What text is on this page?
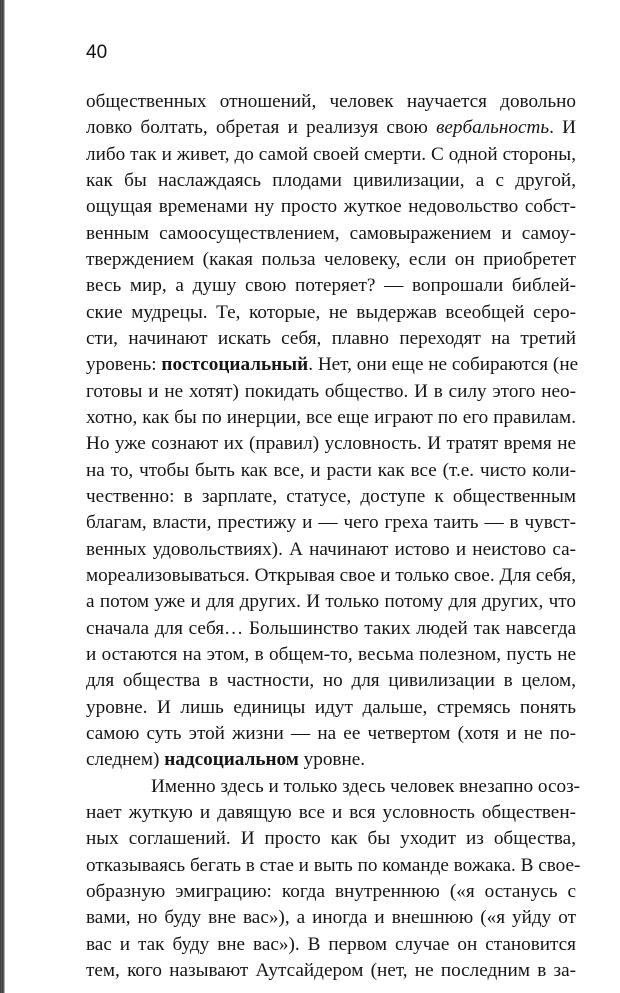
40
общественных отношений, человек научается довольно
ловко болтать, обретая и реализуя свою вербальность. И
либо так и живет, до самой своей смерти. С одной стороны,
как бы наслаждаясь плодами цивилизации, а с другой,
ощущая временами ну просто жуткое недовольство собст-
венным самоосуществлением, самовыражением и самоу-
тверждением (какая польза человеку, если он приобретет
весь мир, а душу свою потеряет? — вопрошали библей-
ские мудрецы. Те, которые, не выдержав всеобщей серо-
сти, начинают искать себя, плавно переходят на третий
уровень: постсоциальный. Нет, они еще не собираются (не
готовы и не хотят) покидать общество. И в силу этого нео-
хотно, как бы по инерции, все еще играют по его правилам.
Но уже сознают их (правил) условность. И тратят время не
на то, чтобы быть как все, и расти как все (т.е. чисто коли-
чественно: в зарплате, статусе, доступе к общественным
благам, власти, престижу и — чего греха таить — в чувст-
венных удовольствиях). А начинают истово и неистово са-
мореализовываться. Открывая свое и только свое. Для себя,
а потом уже и для других. И только потому для других, что
сначала для себя… Большинство таких людей так навсегда
и остаются на этом, в общем-то, весьма полезном, пусть не
для общества в частности, но для цивилизации в целом,
уровне. И лишь единицы идут дальше, стремясь понять
самою суть этой жизни — на ее четвертом (хотя и не по-
следнем) надсоциальном уровне.
Именно здесь и только здесь человек внезапно осоз-
нает жуткую и давящую все и вся условность обществен-
ных соглашений. И просто как бы уходит из общества,
отказываясь бегать в стае и выть по команде вожака. В свое-
образную эмиграцию: когда внутреннюю («я останусь с
вами, но буду вне вас»), а иногда и внешнюю («я уйду от
вас и так буду вне вас»). В первом случае он становится
тем, кого называют Аутсайдером (нет, не последним в за-
